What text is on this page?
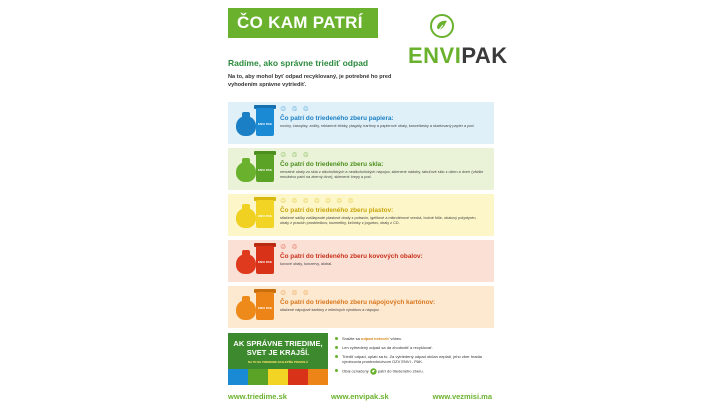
ČO KAM PATRÍ
ENVIPAK
Radíme, ako správne triediť odpad
Na to, aby mohol byť odpad recyklovaný, je potrebné ho pred vyhodením správne vytriediť.
ENVI PAK
♲ ♲ ♲
Čo patrí do triedeného zberu papiera:
noviny, časopisy, zošity, reklamné letáky, plagáty, kartóny a papierové obaly, kancelársky a skartovaný papier a pod.
ENVI PAK
♲ ♲ ♲
Čo patrí do triedeného zberu skla:
nevratné obaly zo skla z alkoholických a nealkoholických nápojov, sklenené nádoby, tabuľové sklo z okien a dverí (väčšie množstvo patrí na zberný dvor), sklenené črepy a pod.
ENVI PAK
♲ ♲ ♲ ♲ ♲ ♲ ♲
Čo patrí do triedeného zberu plastov:
stlačené sáčky zošliapnuté plastové obaly z potravín, igelitové a mikroténové vrecká, bočné fólie, obalový polystyrén, obaly z pracích prostriedkov, kozmetiky, kelímky z jogurtov, obaly z CD.
ENVI PAK
♲ ♲
Čo patrí do triedeného zberu kovových obalov:
kovové obaly, konzervy, alobal.
ENVI PAK
♲ ♲ ♲
Čo patrí do triedeného zberu nápojových kartónov:
stlačené nápojové kartóny z mliečnych výrobkov a nápojov.
AK SPRÁVNE TRIEDIME,
SVET JE KRAJŠÍ.
NA TO NA TRIEDENIE NAJLEPŠIE PRAVIDLÁ
Snažte sa odpad netvoriť vôbec.
Len vytriedený odpad sa dá zhodnotiť a recyklovať.
Triediť odpad, oplatí sa to. Za vytriedený odpad občan neplatí, jeho zber hradia výrobcovia prostredníctvom OZV ENVI - PAK.
Obal označený  patrí do triedeného zberu.
www.triedime.sk	www.envipak.sk	www.vezmisi.ma
